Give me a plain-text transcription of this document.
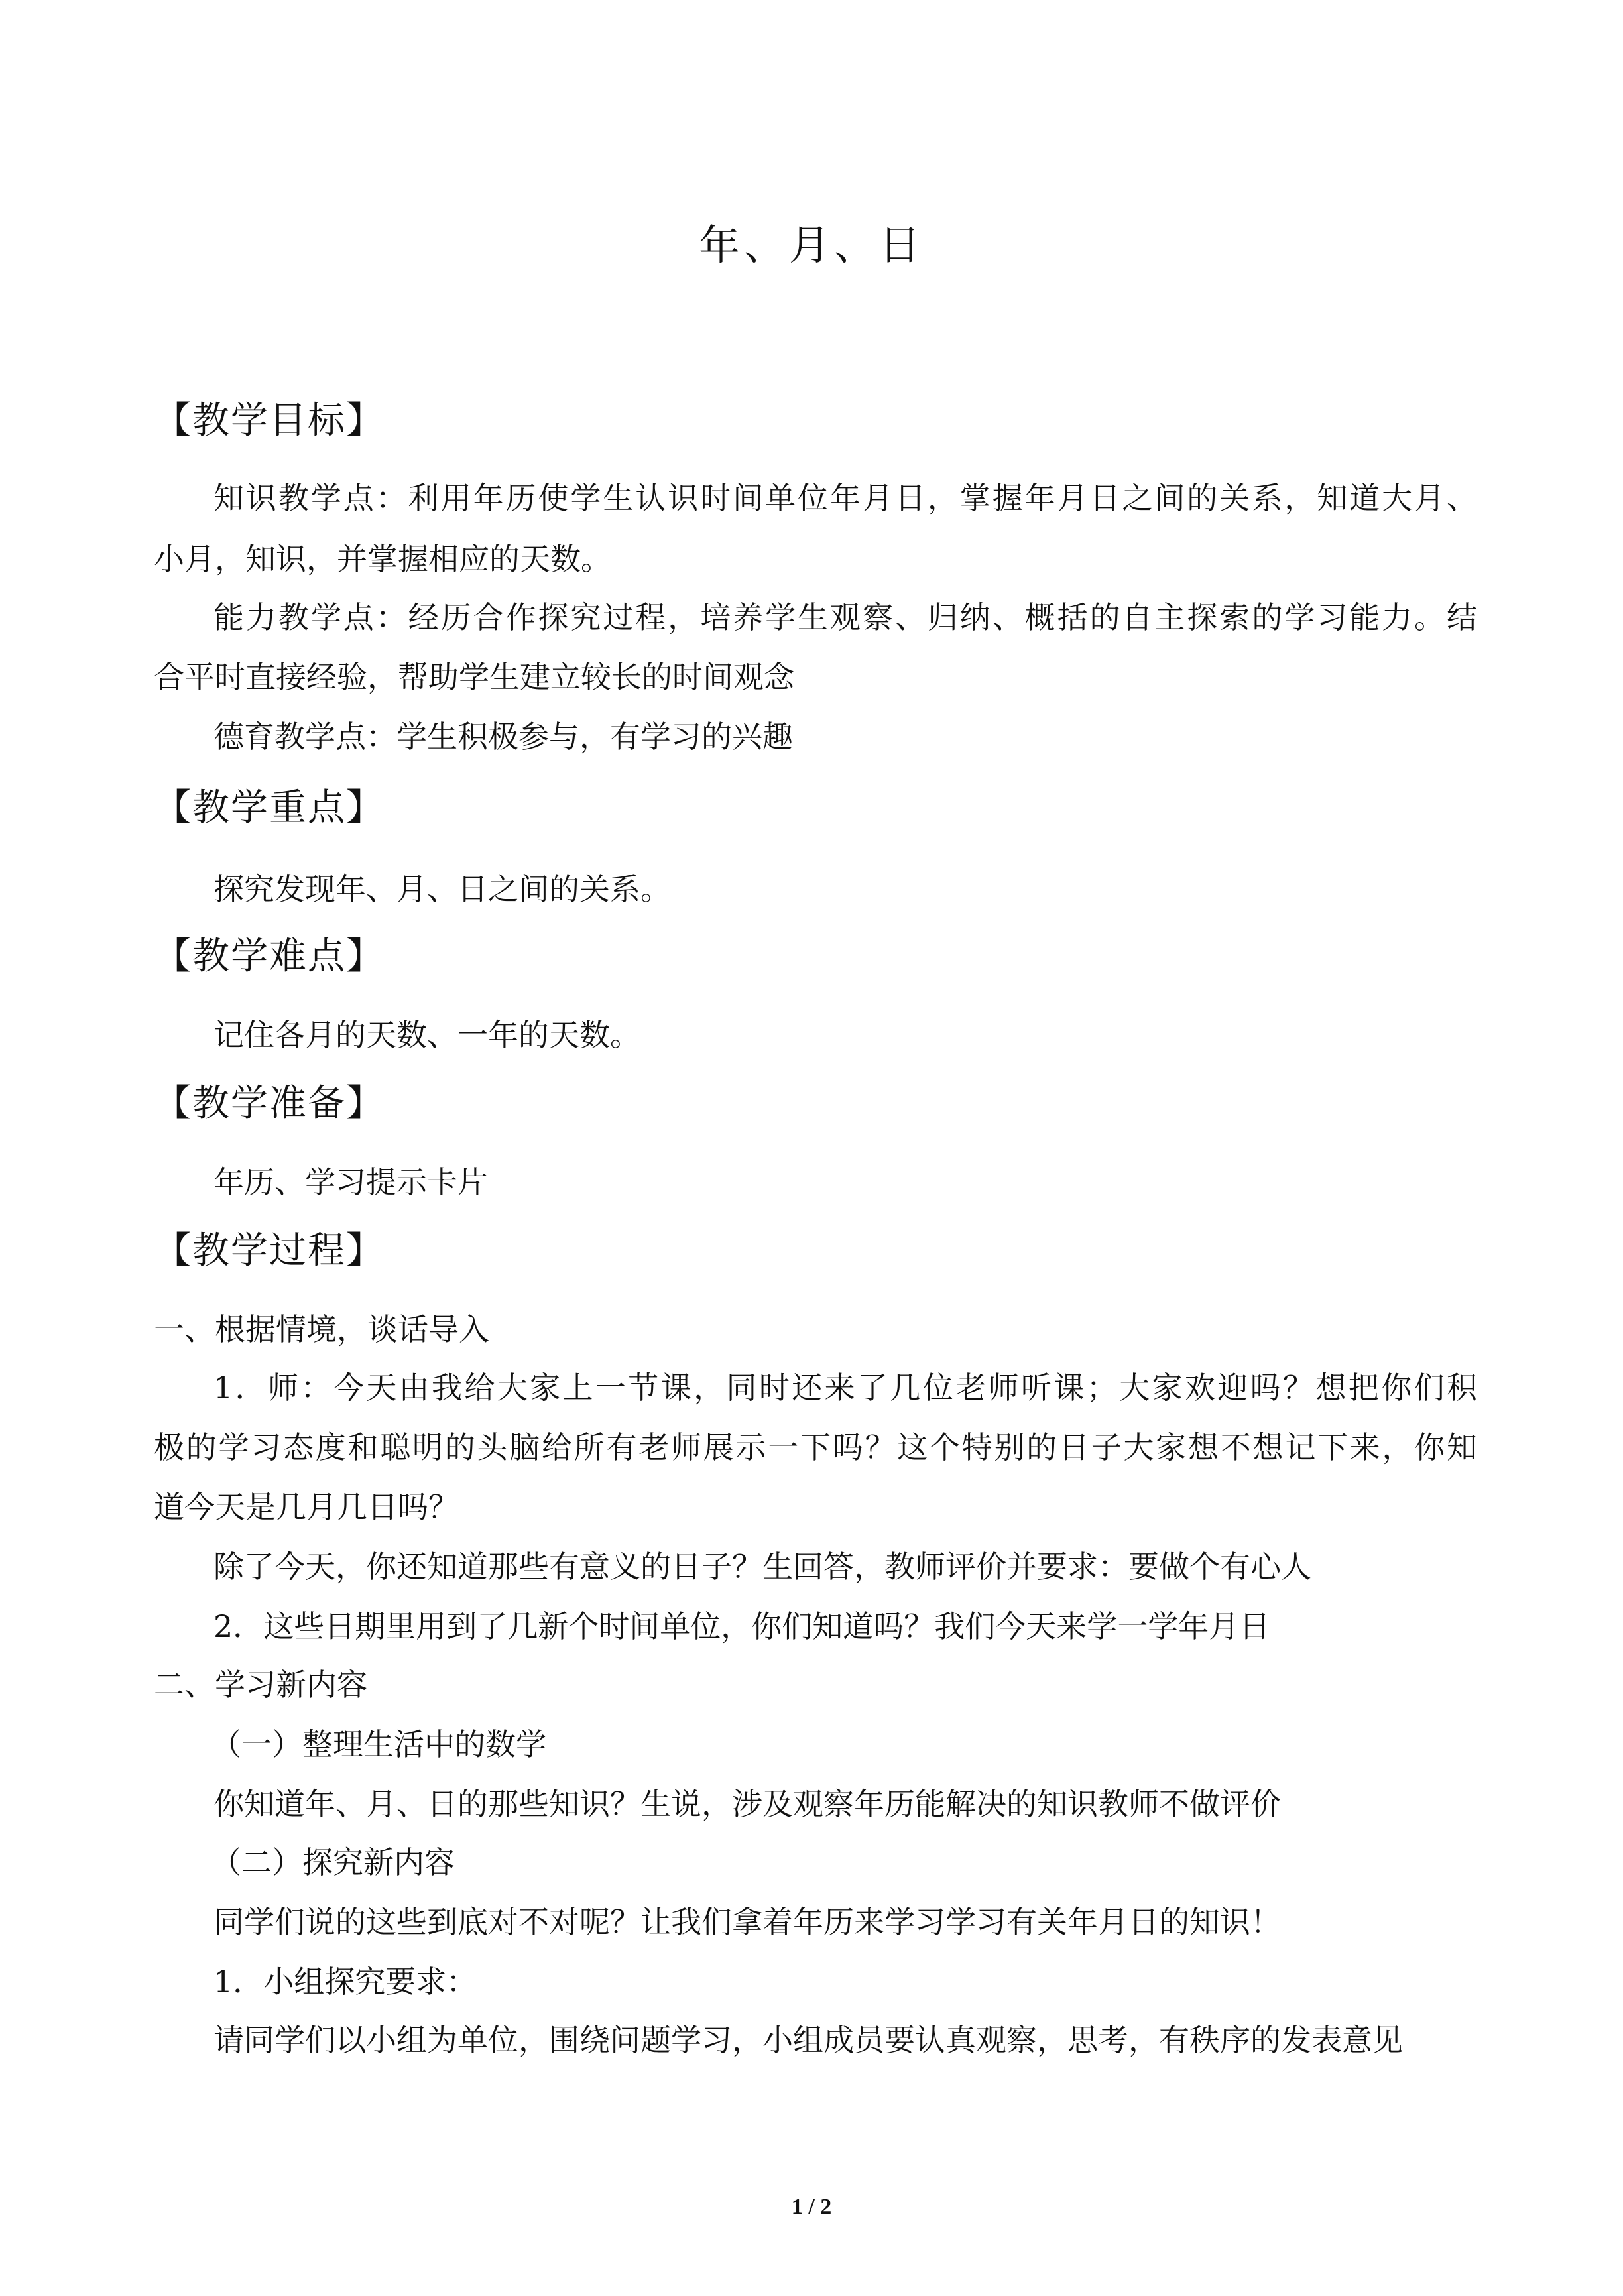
年、月、日
【教学目标】
知识教学点：利用年历使学生认识时间单位年月日，掌握年月日之间的关系，知道大月、
小月，知识，并掌握相应的天数。
能力教学点：经历合作探究过程，培养学生观察、归纳、概括的自主探索的学习能力。结
合平时直接经验，帮助学生建立较长的时间观念
德育教学点：学生积极参与，有学习的兴趣
【教学重点】
探究发现年、月、日之间的关系。
【教学难点】
记住各月的天数、一年的天数。
【教学准备】
年历、学习提示卡片
【教学过程】
一、根据情境，谈话导入
1．师：今天由我给大家上一节课，同时还来了几位老师听课；大家欢迎吗？想把你们积
极的学习态度和聪明的头脑给所有老师展示一下吗？这个特别的日子大家想不想记下来，你知
道今天是几月几日吗？
除了今天，你还知道那些有意义的日子？生回答，教师评价并要求：要做个有心人
2．这些日期里用到了几新个时间单位，你们知道吗？我们今天来学一学年月日
二、学习新内容
（一）整理生活中的数学
你知道年、月、日的那些知识？生说，涉及观察年历能解决的知识教师不做评价
（二）探究新内容
同学们说的这些到底对不对呢？让我们拿着年历来学习学习有关年月日的知识！
1．小组探究要求：
请同学们以小组为单位，围绕问题学习，小组成员要认真观察，思考，有秩序的发表意见
1 / 2
